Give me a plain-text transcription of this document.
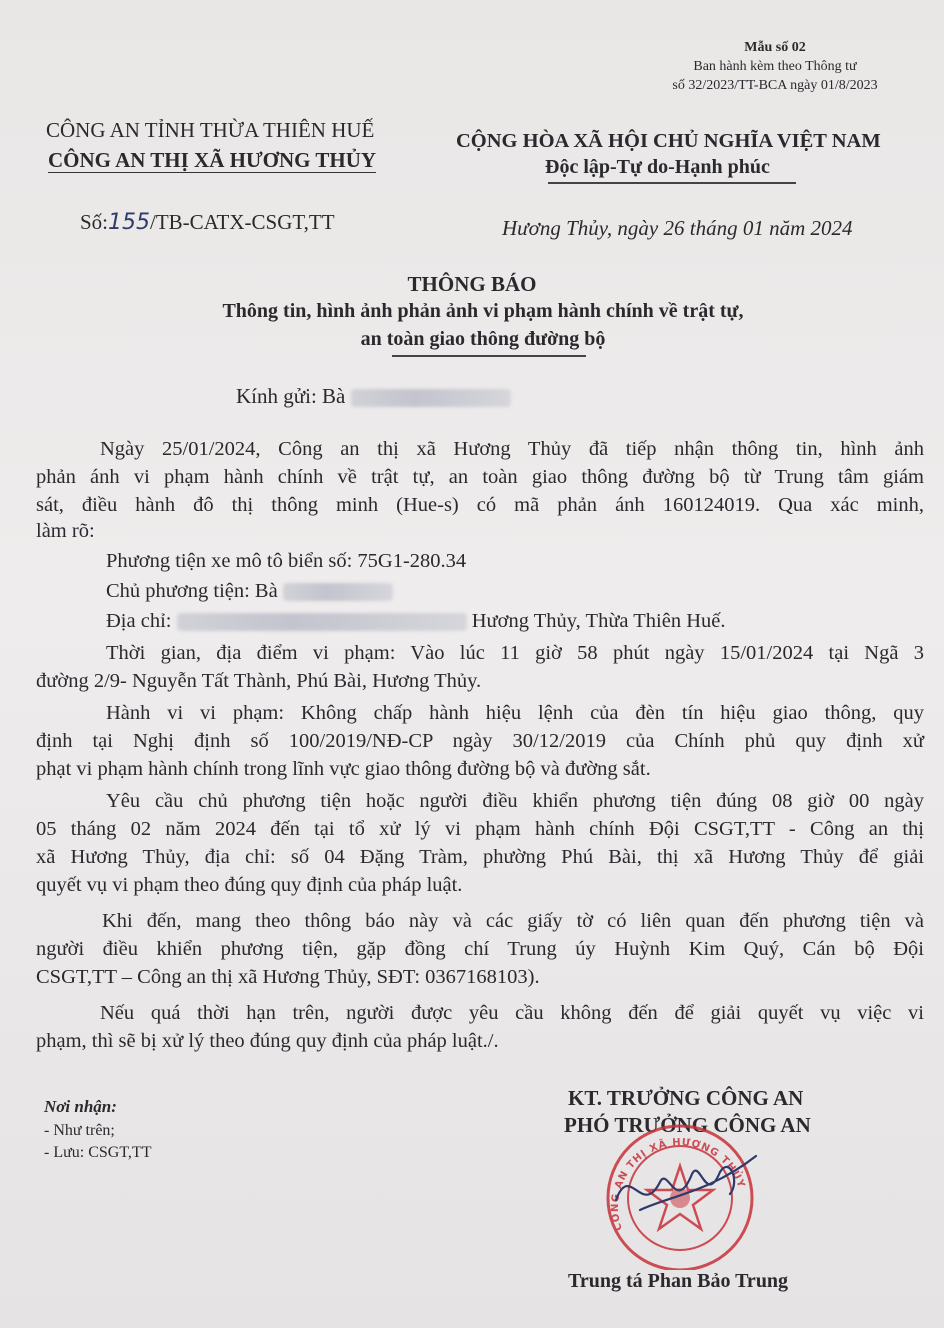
Mẫu số 02
Ban hành kèm theo Thông tư
số 32/2023/TT-BCA ngày 01/8/2023
CÔNG AN TỈNH THỪA THIÊN HUẾ
CÔNG AN THỊ XÃ HƯƠNG THỦY
CỘNG HÒA XÃ HỘI CHỦ NGHĨA VIỆT NAM
Độc lập-Tự do-Hạnh phúc
Số:155/TB-CATX-CSGT,TT	Hương Thủy, ngày 26 tháng 01 năm 2024
THÔNG BÁO
Thông tin, hình ảnh phản ảnh vi phạm hành chính về trật tự,
an toàn giao thông đường bộ
Kính gửi: Bà
Ngày 25/01/2024, Công an thị xã Hương Thủy đã tiếp nhận thông tin, hình ảnh
phản ánh vi phạm hành chính về trật tự, an toàn giao thông đường bộ từ Trung tâm giám
sát, điều hành đô thị thông minh (Hue-s) có mã phản ánh 160124019. Qua xác minh,
làm rõ:
Phương tiện xe mô tô biển số: 75G1-280.34
Chủ phương tiện: Bà
Địa chỉ:	Hương Thủy, Thừa Thiên Huế.
Thời gian, địa điểm vi phạm: Vào lúc 11 giờ 58 phút ngày 15/01/2024 tại Ngã 3
đường 2/9- Nguyễn Tất Thành, Phú Bài, Hương Thủy.
Hành vi vi phạm: Không chấp hành hiệu lệnh của đèn tín hiệu giao thông, quy
định tại Nghị định số 100/2019/NĐ-CP ngày 30/12/2019 của Chính phủ quy định xử
phạt vi phạm hành chính trong lĩnh vực giao thông đường bộ và đường sắt.
Yêu cầu chủ phương tiện hoặc người điều khiển phương tiện đúng 08 giờ 00 ngày
05 tháng 02 năm 2024 đến tại tổ xử lý vi phạm hành chính Đội CSGT,TT - Công an thị
xã Hương Thủy, địa chỉ: số 04 Đặng Tràm, phường Phú Bài, thị xã Hương Thủy để giải
quyết vụ vi phạm theo đúng quy định của pháp luật.
Khi đến, mang theo thông báo này và các giấy tờ có liên quan đến phương tiện và
người điều khiển phương tiện, gặp đồng chí Trung úy Huỳnh Kim Quý, Cán bộ Đội
CSGT,TT – Công an thị xã Hương Thủy, SĐT: 0367168103).
Nếu quá thời hạn trên, người được yêu cầu không đến để giải quyết vụ việc vi
phạm, thì sẽ bị xử lý theo đúng quy định của pháp luật./.
Nơi nhận:
- Như trên;
- Lưu: CSGT,TT
KT. TRƯỞNG CÔNG AN
PHÓ TRƯỞNG CÔNG AN
CÔNG AN THỊ XÃ HƯƠNG THỦY
Trung tá Phan Bảo Trung
